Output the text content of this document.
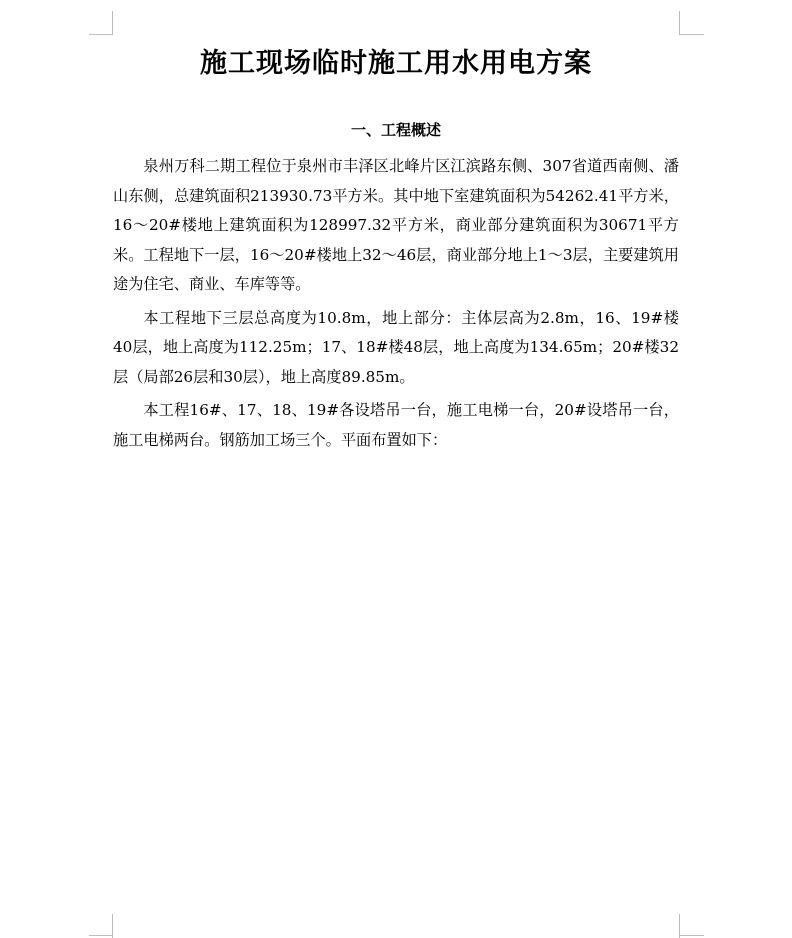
施工现场临时施工用水用电方案
一、工程概述

泉州万科二期工程位于泉州市丰泽区北峰片区江滨路东侧、307省道西南侧、潘山东侧，总建筑面积213930.73平方米。其中地下室建筑面积为54262.41平方米，16～20#楼地上建筑面积为128997.32平方米，商业部分建筑面积为30671平方米。工程地下一层，16～20#楼地上32～46层，商业部分地上1～3层，主要建筑用途为住宅、商业、车库等等。

本工程地下三层总高度为10.8m，地上部分：主体层高为2.8m，16、19#楼40层，地上高度为112.25m；17、18#楼48层，地上高度为134.65m；20#楼32层（局部26层和30层），地上高度89.85m。

本工程16#、17、18、19#各设塔吊一台，施工电梯一台，20#设塔吊一台，施工电梯两台。钢筋加工场三个。平面布置如下：
